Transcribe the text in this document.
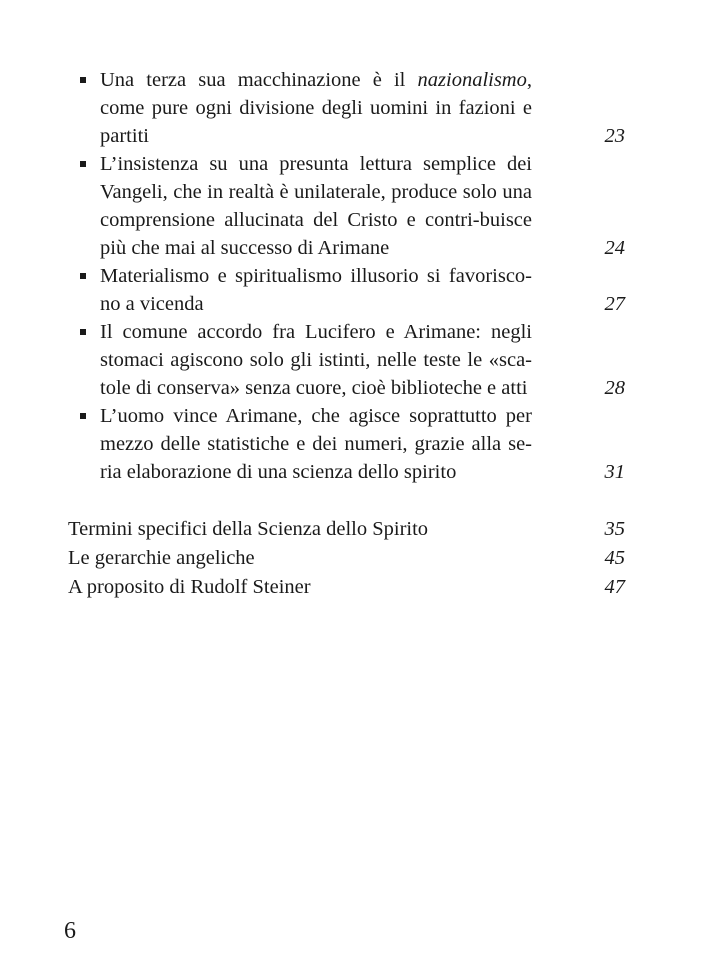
Una terza sua macchinazione è il nazionalismo, come pure ogni divisione degli uomini in fazioni e partiti	23
L’insistenza su una presunta lettura semplice dei Vangeli, che in realtà è unilaterale, produce solo una comprensione allucinata del Cristo e contri-buisce più che mai al successo di Arimane	24
Materialismo e spiritualismo illusorio si favorisco-no a vicenda	27
Il comune accordo fra Lucifero e Arimane: negli stomaci agiscono solo gli istinti, nelle teste le «sca-tole di conserva» senza cuore, cioè biblioteche e atti	28
L’uomo vince Arimane, che agisce soprattutto per mezzo delle statistiche e dei numeri, grazie alla se-ria elaborazione di una scienza dello spirito	31
Termini specifici della Scienza dello Spirito	35
Le gerarchie angeliche	45
A proposito di Rudolf Steiner	47
6
